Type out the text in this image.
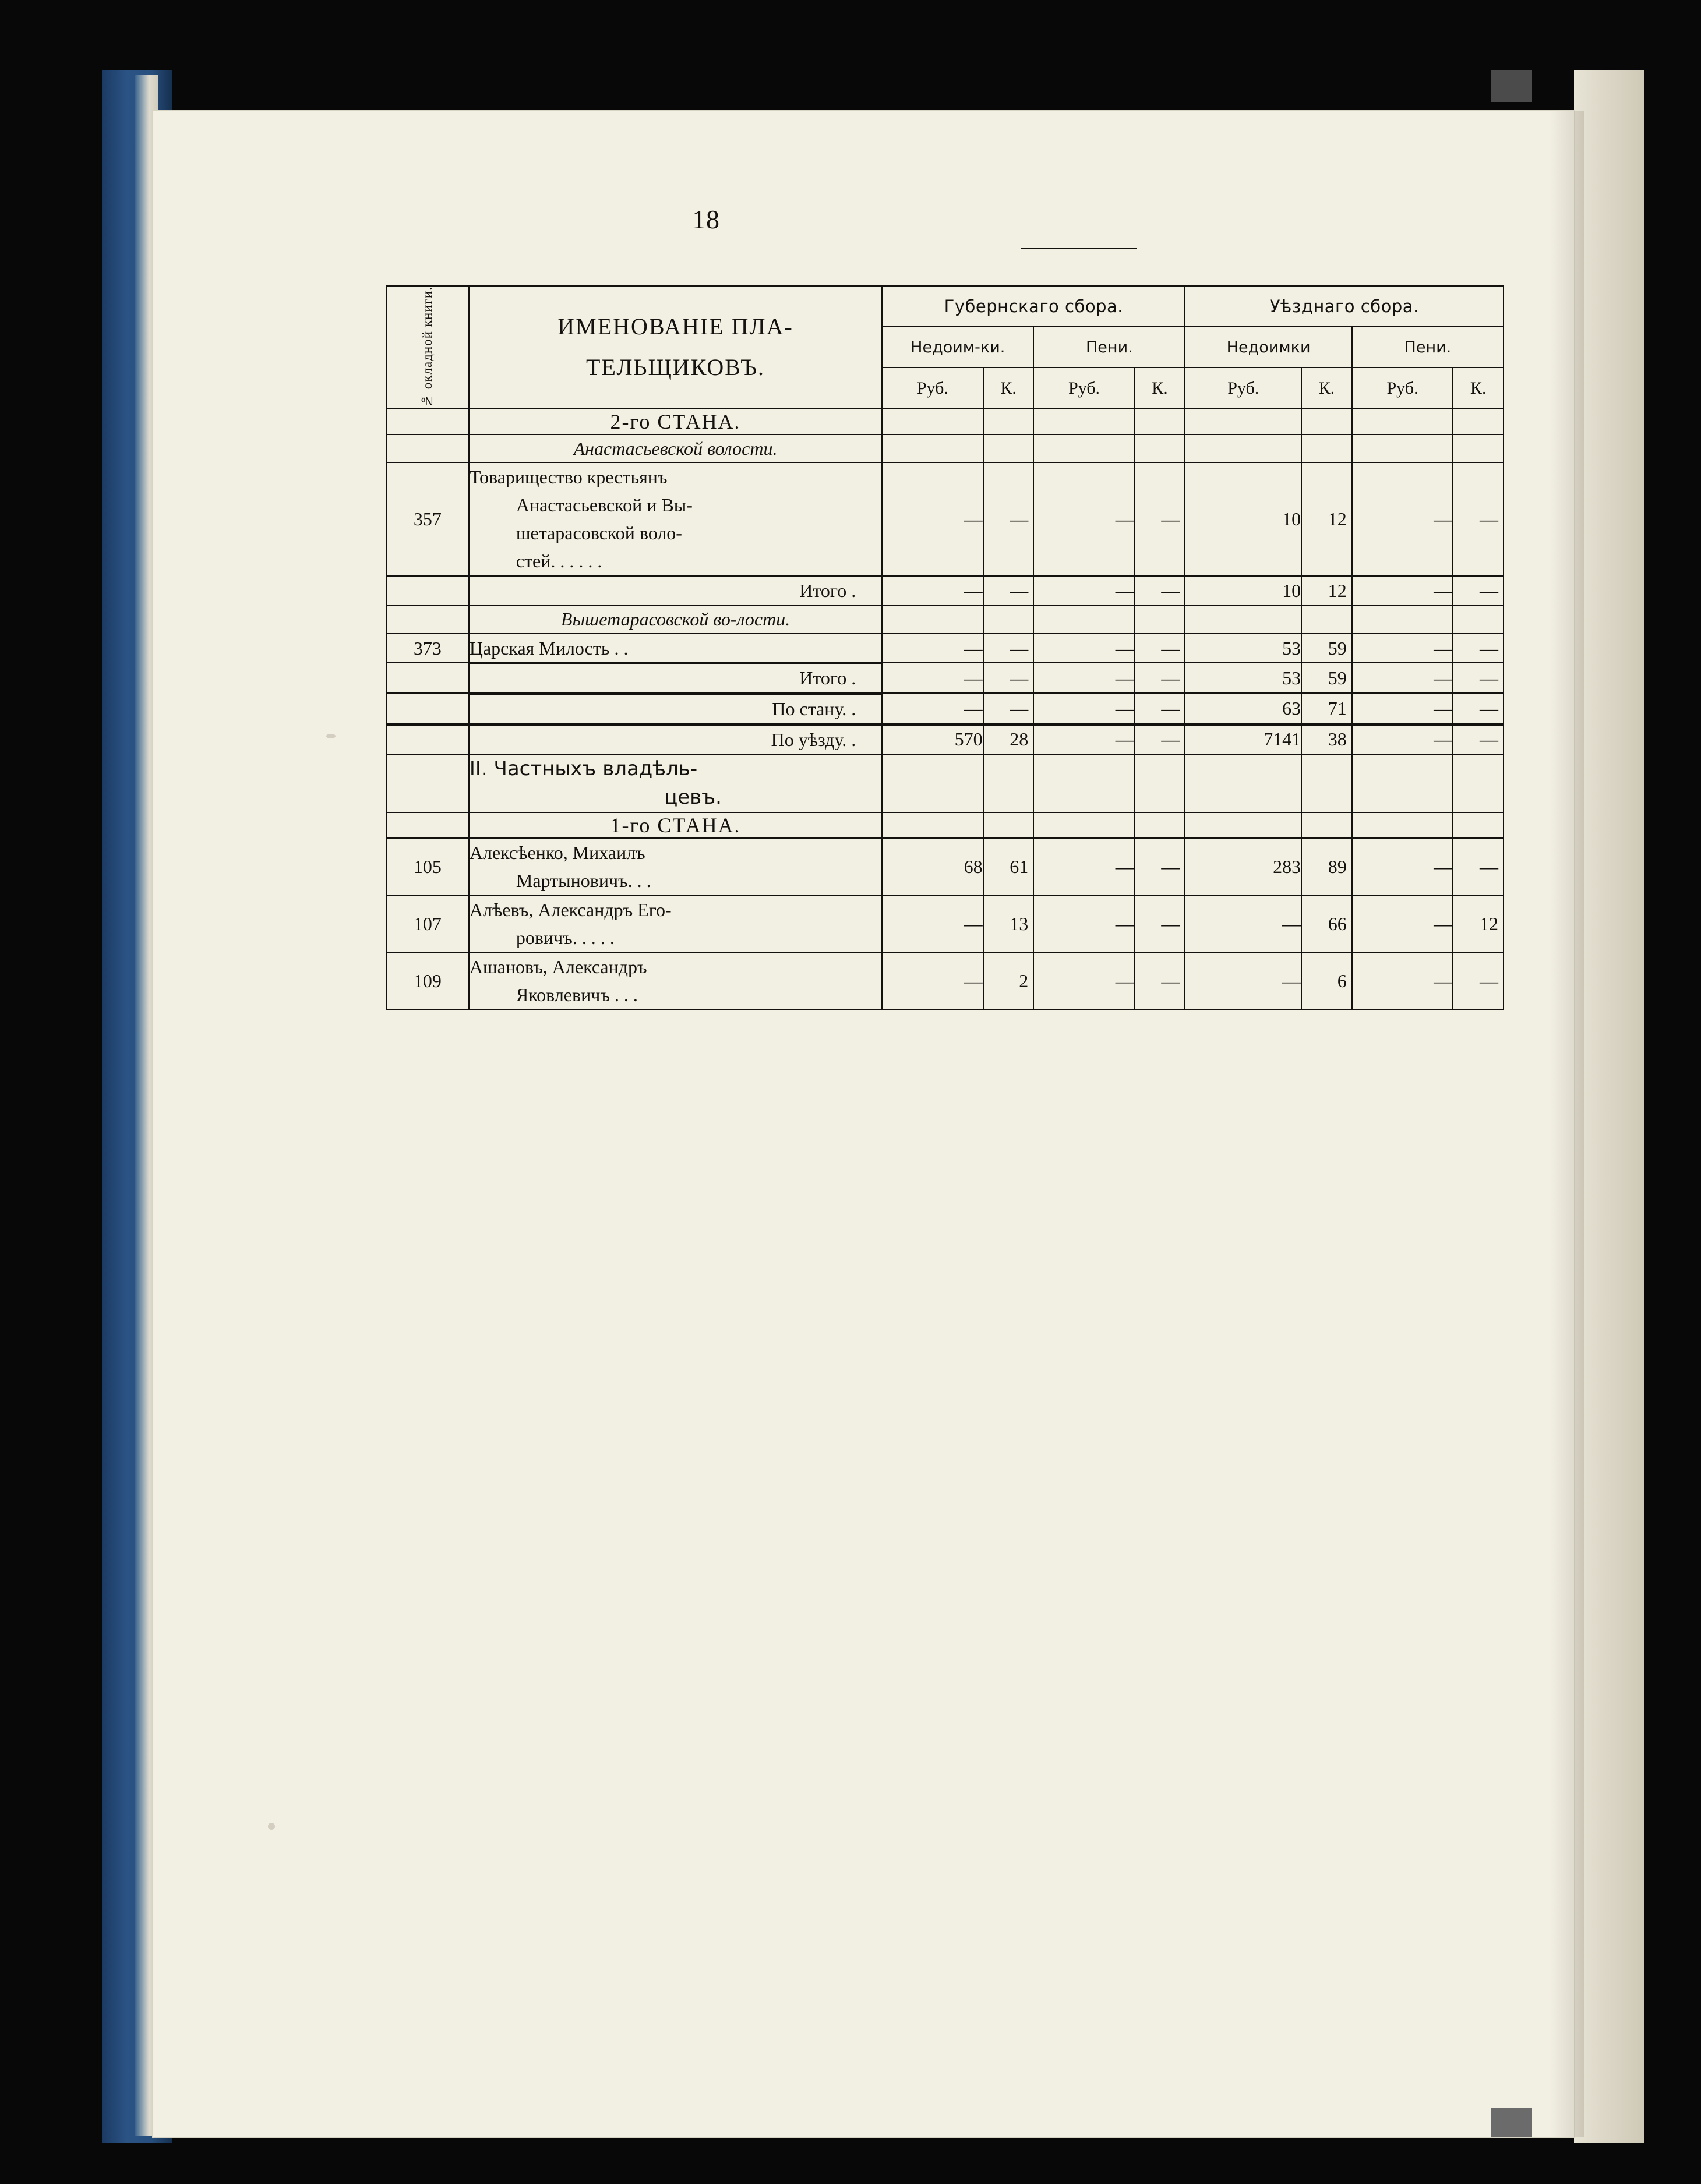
18
№ окладной книги.	ИМЕНОВАНІЕ ПЛА-
ТЕЛЬЩИКОВЪ.	Губернскаго сбора.				Уѣзднаго сбора.			
		Недоим-ки.		Пени.		Недоимки		Пени.	
		Руб.	К.	Руб.	К.	Руб.	К.	Руб.	К.
	2-го СТАНА.								
	Анастасьевской волости.								
357	Товарищество крестьянъ
Анастасьевской и Вы-
шетарасовской воло-
стей. . . . . .	—	—	—	—	10	12	—	—

	Итого .	—	—	—	—	10	12	—	—
	Вышетарасовской во-лости.								
373	Царская Милость . .	—	—	—	—	53	59	—	—

	Итого .	—	—	—	—	53	59	—	—

	По стану. .	—	—	—	—	63	71	—	—

	По уѣзду. .	570	28	—	—	7141	38	—	—
	II. Частныхъ владѣль-
цевъ.								

	1-го СТАНА.								
105	Алексѣенко, Михаилъ
Мартыновичъ. . .	68	61	—	—	283	89	—	—
107	Алѣевъ, Александръ Его-
ровичъ. . . . .	—	13	—	—	—	66	—	12
109	Ашановъ, Александръ
Яковлевичъ . . .	—	2	—	—	—	6	—	—
